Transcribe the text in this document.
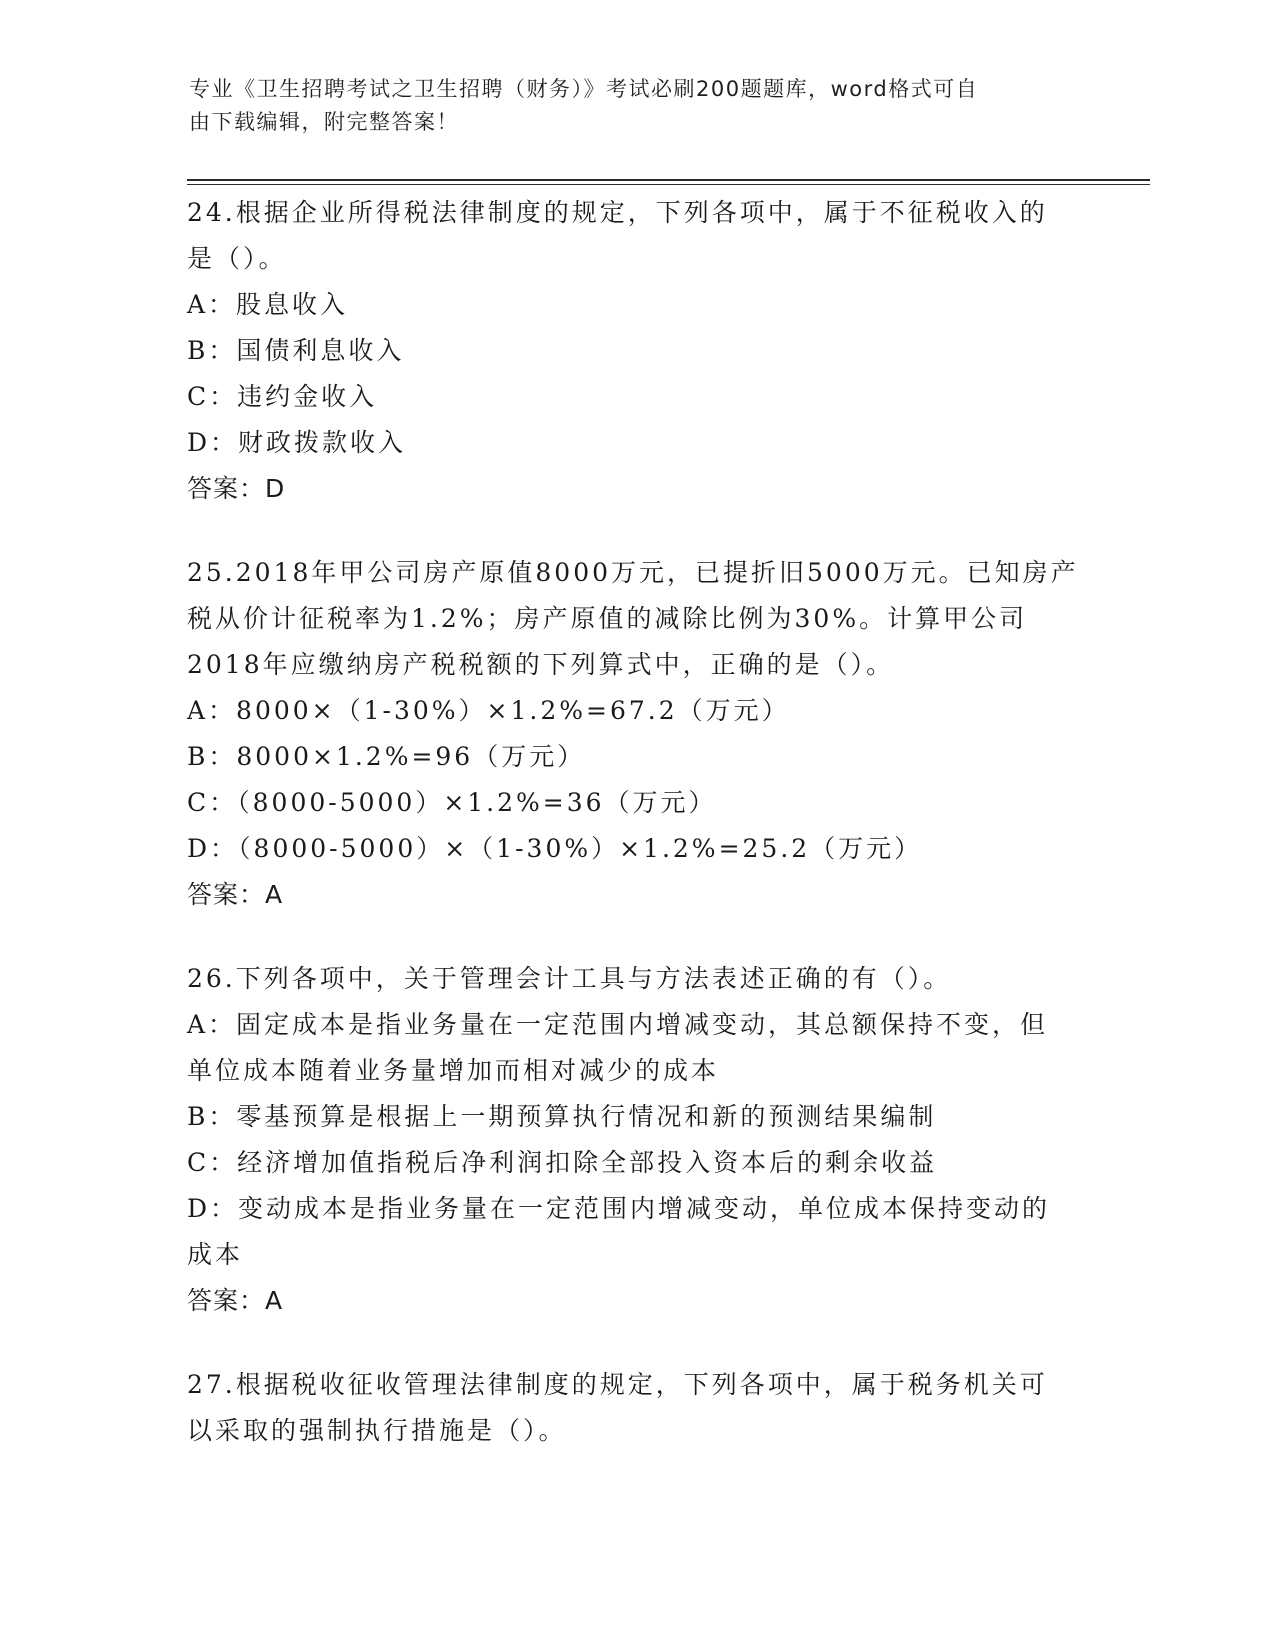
专业《卫生招聘考试之卫生招聘（财务）》考试必刷200题题库，word格式可自
由下载编辑，附完整答案！
24.根据企业所得税法律制度的规定，下列各项中，属于不征税收入的
是（）。
A：股息收入
B：国债利息收入
C：违约金收入
D：财政拨款收入
答案：D
25.2018年甲公司房产原值8000万元，已提折旧5000万元。已知房产
税从价计征税率为1.2%；房产原值的减除比例为30%。计算甲公司
2018年应缴纳房产税税额的下列算式中，正确的是（）。
A：8000×（1-30%）×1.2%=67.2（万元）
B：8000×1.2%=96（万元）
C：（8000-5000）×1.2%=36（万元）
D：（8000-5000）×（1-30%）×1.2%=25.2（万元）
答案：A
26.下列各项中，关于管理会计工具与方法表述正确的有（）。
A：固定成本是指业务量在一定范围内增减变动，其总额保持不变，但
单位成本随着业务量增加而相对减少的成本
B：零基预算是根据上一期预算执行情况和新的预测结果编制
C：经济增加值指税后净利润扣除全部投入资本后的剩余收益
D：变动成本是指业务量在一定范围内增减变动，单位成本保持变动的
成本
答案：A
27.根据税收征收管理法律制度的规定，下列各项中，属于税务机关可
以采取的强制执行措施是（）。
